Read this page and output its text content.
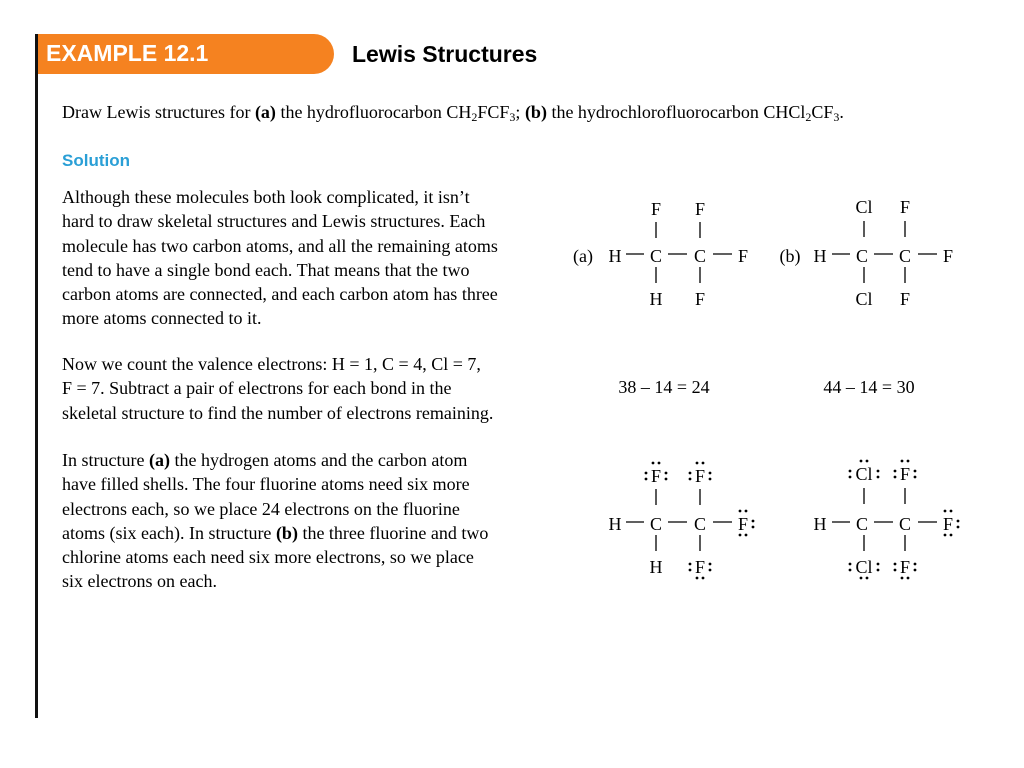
EXAMPLE 12.1	Lewis Structures
Draw Lewis structures for (a) the hydrofluorocarbon $CH_2FCF_3$; (b) the hydrochlorofluorocarbon $CHCl_2CF_3$.
Solution
Although these molecules both look complicated, it isn’t
hard to draw skeletal structures and Lewis structures. Each
molecule has two carbon atoms, and all the remaining atoms
tend to have a single bond each. That means that the two
carbon atoms are connected, and each carbon atom has three
more atoms connected to it.
Now we count the valence electrons: H = 1, C = 4, Cl = 7,
F = 7. Subtract a pair of electrons for each bond in the
skeletal structure to find the number of electrons remaining.
In structure (a) the hydrogen atoms and the carbon atom
have filled shells. The four fluorine atoms need six more
electrons each, so we place 24 electrons on the fluorine
atoms (six each). In structure (b) the three fluorine and two
chlorine atoms each need six more electrons, so we place
six electrons on each.
(a)
F F
H C C F
H F
(b)
Cl F
H C C F
Cl F
38 – 14 = 24	44 – 14 = 30
F F
H C C F
H F
Cl F
H C C F
Cl F
